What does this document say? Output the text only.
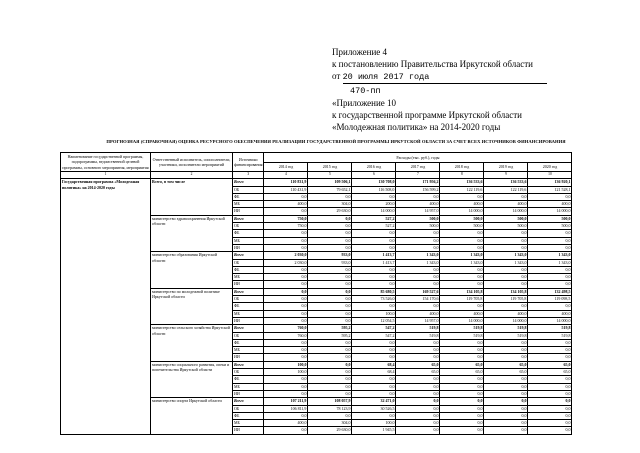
Приложение 4
к постановлению Правительства Иркутской области
от 20 июля 2017 года
470-пп
«Приложение 10
к государственной программе Иркутской области
«Молодежная политика» на 2014-2020 годы
ПРОГНОЗНАЯ (СПРАВОЧНАЯ) ОЦЕНКА РЕСУРСНОГО ОБЕСПЕЧЕНИЯ РЕАЛИЗАЦИИ ГОСУДАРСТВЕННОЙ ПРОГРАММЫ ИРКУТСКОЙ ОБЛАСТИ ЗА СЧЕТ ВСЕХ ИСТОЧНИКОВ ФИНАНСИРОВАНИЯ
Наименование государственной программы, подпрограммы, ведомственной целевой программы, основного мероприятия, мероприятия	Ответственный исполнитель, соисполнители, участники, исполнители мероприятий	Источники финансирования	Расходы (тыс. руб.), годы						
			2014 год	2015 год	2016 год	2017 год	2018 год	2019 год	2020 год
1	2	3	4	5	6	7	8	9	10
Государственная программа «Молодежная политика» на 2014-2020 годы	Всего, в том числе	Всего	110 831,9	109 506,1	130 708,0	171 956,2	136 533,6	136 533,6	136 920,1
		ОБ	110 431,9	79 652,1	116 508,0	156 599,2	122 119,6	122 119,6	121 528,1
		ФБ	0,0	0,0	0,0	0,0	0,0	0,0	0,0
		МБ	400,0	304,0	200,0	400,0	400,0	400,0	400,0
		ИИ	0,0	29 630,0	14 000,0	14 957,0	14 000,0	14 000,0	14 000,0
	министерство здравоохранения Иркутской области	Всего	750,0	0,0	527,2	500,0	500,0	500,0	500,0
		ОБ	750,0	0,0	527,2	500,0	500,0	500,0	500,0
		ФБ	0,0	0,0	0,0	0,0	0,0	0,0	0,0
		МБ	0,0	0,0	0,0	0,0	0,0	0,0	0,0
		ИИ	0,0	0,0	0,0	0,0	0,0	0,0	0,0
	министерство образования Иркутской области	Всего	2 030,0	933,0	1 413,7	1 343,0	1 343,0	1 343,0	1 343,0
		ОБ	2 030,0	933,0	1 413,7	1 343,0	1 343,0	1 343,0	1 343,0
		ФБ	0,0	0,0	0,0	0,0	0,0	0,0	0,0
		МБ	0,0	0,0	0,0	0,0	0,0	0,0	0,0
		ИИ	0,0	0,0	0,0	0,0	0,0	0,0	0,0
	министерство по молодежной политике Иркутской области	Всего	0,0	0,0	85 680,5	169 527,6	134 105,8	134 105,8	132 498,5
		ОБ	0,0	0,0	73 526,0	154 170,6	119 705,8	119 705,8	119 098,5
		ФБ	0,0	0,0	0,0	0,0	0,0	0,0	0,0
		МБ	0,0	0,0	100,0	400,0	400,0	400,0	400,0
		ИИ	0,0	0,0	12 054,5	14 957,0	14 000,0	14 000,0	14 000,0
	министерство сельского хозяйства Иркутской области	Всего	760,0	595,2	547,2	519,8	519,8	519,8	519,8
		ОБ	760,0	595,2	547,2	519,8	519,8	519,8	519,8
		ФБ	0,0	0,0	0,0	0,0	0,0	0,0	0,0
		МБ	0,0	0,0	0,0	0,0	0,0	0,0	0,0
		ИИ	0,0	0,0	0,0	0,0	0,0	0,0	0,0
	министерство социального развития, опеки и попечительства Иркутской области	Всего	100,0	0,0	68,4	65,0	65,0	65,0	65,0
		ОБ	100,0	0,0	68,4	65,0	65,0	65,0	65,0
		ФБ	0,0	0,0	0,0	0,0	0,0	0,0	0,0
		МБ	0,0	0,0	0,0	0,0	0,0	0,0	0,0
		ИИ	0,0	0,0	0,0	0,0	0,0	0,0	0,0
	министерство спорта Иркутской области	Всего	107 211,9	108 057,9	32 471,0	0,0	0,0	0,0	0,0
		ОБ	106 811,9	78 123,9	30 526,5	0,0	0,0	0,0	0,0
		ФБ	0,0	0,0	0,0	0,0	0,0	0,0	0,0
		МБ	400,0	304,0	100,0	0,0	0,0	0,0	0,0
		ИИ	0,0	29 630,0	1 945,5	0,0	0,0	0,0	0,0
